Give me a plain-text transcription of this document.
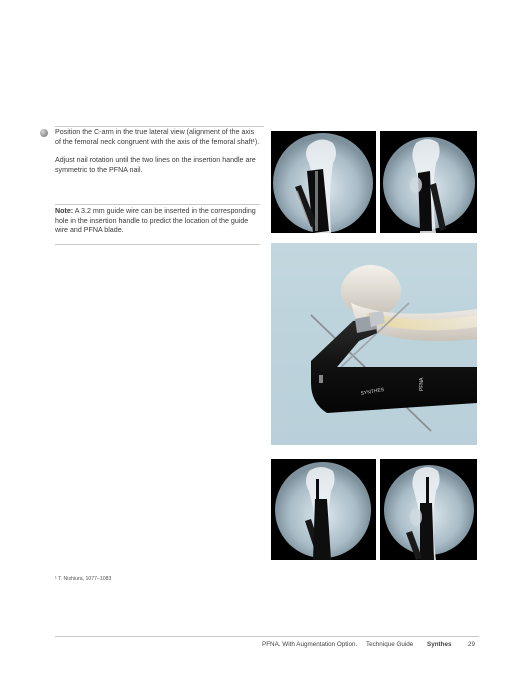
Position the C-arm in the true lateral view (alignment of the axis of the femoral neck congruent with the axis of the femoral shaft¹).

Adjust nail rotation until the two lines on the insertion handle are symmetric to the PFNA nail.

Note: A 3.2 mm guide wire can be inserted in the corresponding hole in the insertion handle to predict the location of the guide wire and PFNA blade.
SYNTHES
PFNA
¹ T. Nishiura, 1077–1083
PFNA. With Augmentation Option. Technique Guide Synthes	29
